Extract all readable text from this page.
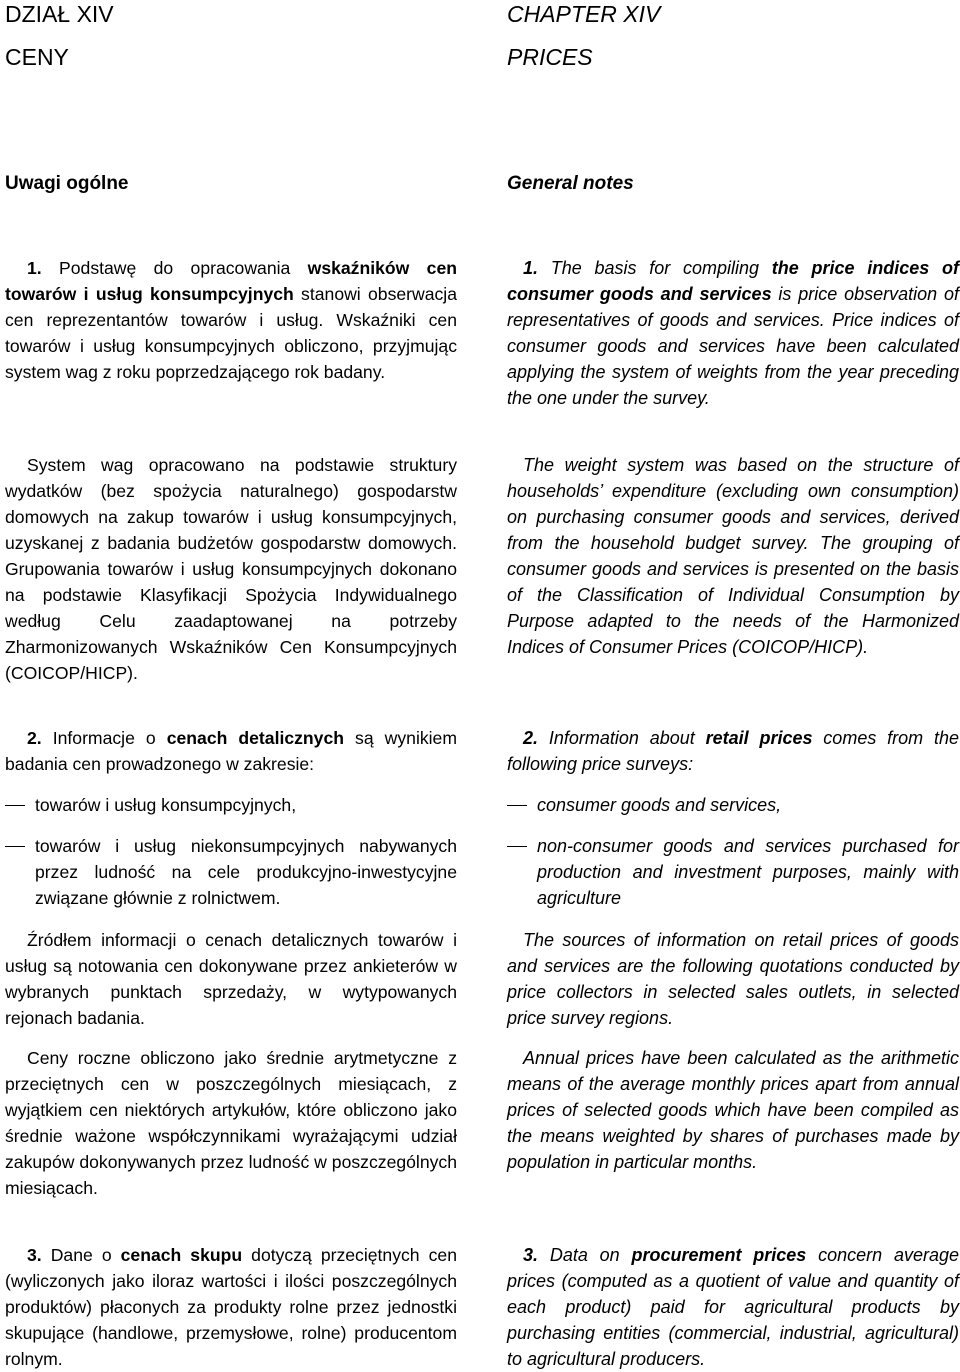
DZIAŁ XIV
CENY
Uwagi ogólne

1. Podstawę do opracowania wskaźników cen towarów i usług konsumpcyjnych stanowi obserwacja cen reprezentantów towarów i usług. Wskaźniki cen towarów i usług konsumpcyjnych obliczono, przyjmując system wag z roku poprzedzającego rok badany.

System wag opracowano na podstawie struktury wydatków (bez spożycia naturalnego) gospodarstw domowych na zakup towarów i usług konsumpcyjnych, uzyskanej z badania budżetów gospodarstw domowych. Grupowania towarów i usług konsumpcyjnych dokonano na podstawie Klasyfikacji Spożycia Indywidualnego według Celu zaadaptowanej na potrzeby Zharmonizowanych Wskaźników Cen Konsumpcyjnych (COICOP/HICP).

2. Informacje o cenach detalicznych są wynikiem badania cen prowadzonego w zakresie:

towarów i usług konsumpcyjnych,
towarów i usług niekonsumpcyjnych nabywanych przez ludność na cele produkcyjno-inwestycyjne związane głównie z rolnictwem.

Źródłem informacji o cenach detalicznych towarów i usług są notowania cen dokonywane przez ankieterów w wybranych punktach sprzedaży, w wytypowanych rejonach badania.

Ceny roczne obliczono jako średnie arytmetyczne z przeciętnych cen w poszczególnych miesiącach, z wyjątkiem cen niektórych artykułów, które obliczono jako średnie ważone współczynnikami wyrażającymi udział zakupów dokonywanych przez ludność w poszczególnych miesiącach.

3. Dane o cenach skupu dotyczą przeciętnych cen (wyliczonych jako iloraz wartości i ilości poszczególnych produktów) płaconych za produkty rolne przez jednostki skupujące (handlowe, przemysłowe, rolne) producentom rolnym.

CHAPTER XIV
PRICES
General notes

1. The basis for compiling the price indices of consumer goods and services is price observation of representatives of goods and services. Price indices of consumer goods and services have been calculated applying the system of weights from the year preceding the one under the survey.

The weight system was based on the structure of households’ expenditure (excluding own consumption) on purchasing consumer goods and services, derived from the household budget survey. The grouping of consumer goods and services is presented on the basis of the Classification of Individual Consumption by Purpose adapted to the needs of the Harmonized Indices of Consumer Prices (COICOP/HICP).

2. Information about retail prices comes from the following price surveys:

consumer goods and services,
non-consumer goods and services purchased for production and investment purposes, mainly with agriculture

The sources of information on retail prices of goods and services are the following quotations conducted by price collectors in selected sales outlets, in selected price survey regions.

Annual prices have been calculated as the arithmetic means of the average monthly prices apart from annual prices of selected goods which have been compiled as the means weighted by shares of purchases made by population in particular months.

3. Data on procurement prices concern average prices (computed as a quotient of value and quantity of each product) paid for agricultural products by purchasing entities (commercial, industrial, agricultural) to agricultural producers.
